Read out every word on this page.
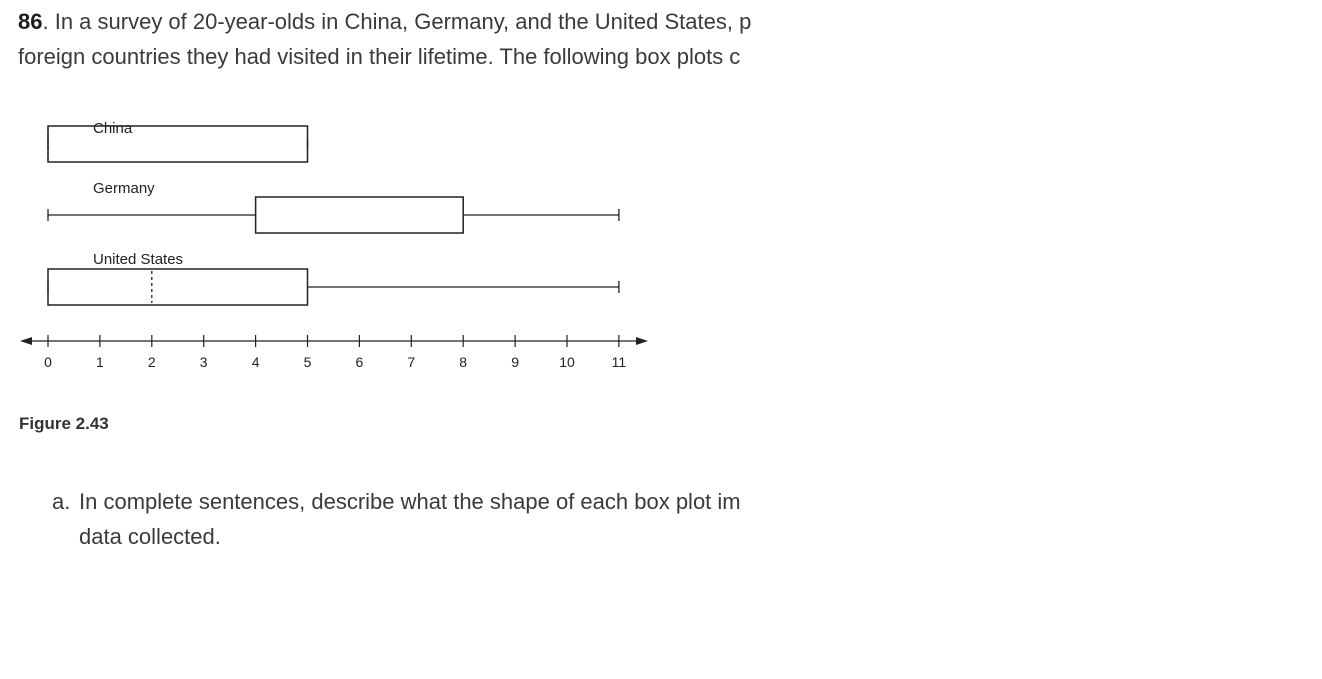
86. In a survey of 20-year-olds in China, Germany, and the United States, p
foreign countries they had visited in their lifetime. The following box plots c
China
Germany
United States
0	1	2	3	4	5	6	7	8	9	10	11
Figure 2.43
a. In complete sentences, describe what the shape of each box plot im
data collected.
